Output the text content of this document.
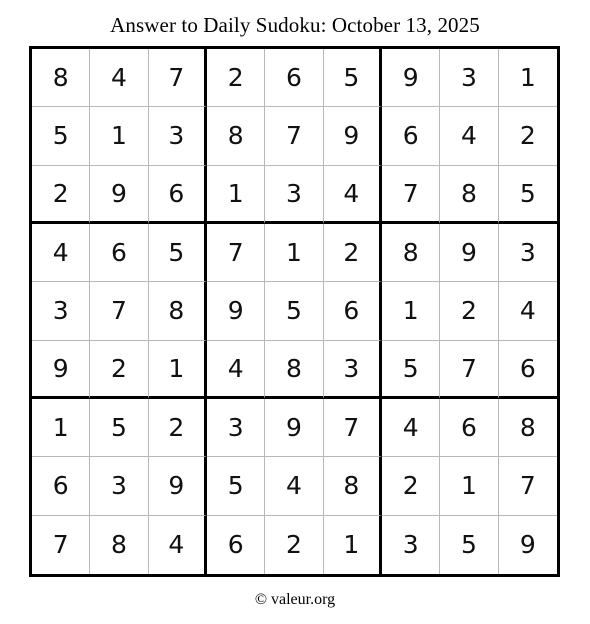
Answer to Daily Sudoku: October 13, 2025
8	4	7	2	6	5	9	3	1
5	1	3	8	7	9	6	4	2
2	9	6	1	3	4	7	8	5
4	6	5	7	1	2	8	9	3
3	7	8	9	5	6	1	2	4
9	2	1	4	8	3	5	7	6
1	5	2	3	9	7	4	6	8
6	3	9	5	4	8	2	1	7
7	8	4	6	2	1	3	5	9
© valeur.org
